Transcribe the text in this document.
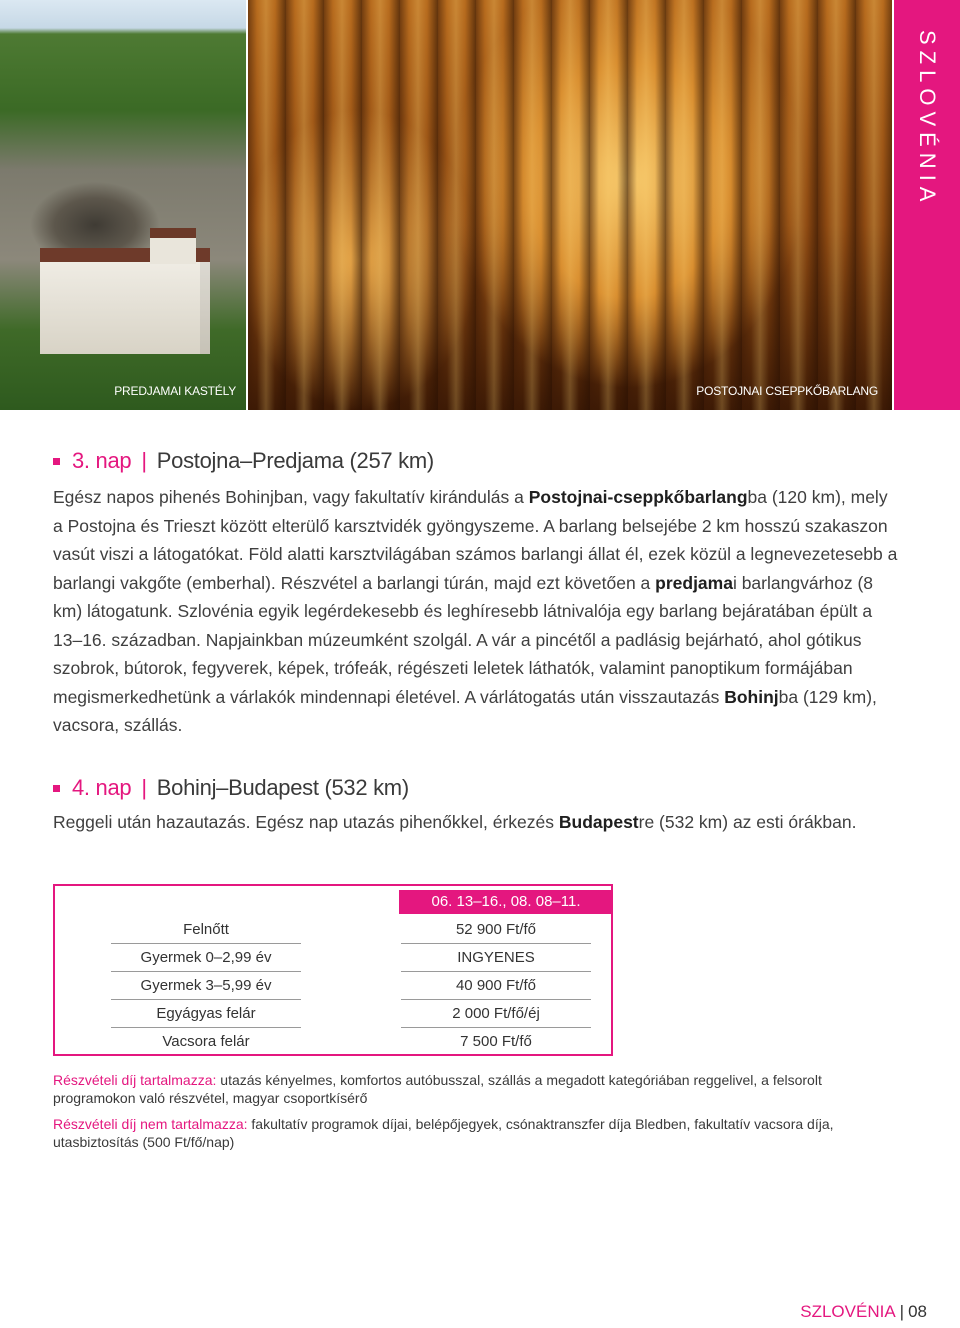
PREDJAMAI KASTÉLY	POSTOJNAI CSEPPKŐBARLANG
SZLOVÉNIA
3. nap | Postojna–Predjama (257 km)

Egész napos pihenés Bohinjban, vagy fakultatív kirándulás a Postojnai-cseppkőbarlangba (120 km), mely a Postojna és Trieszt között elterülő karsztvidék gyöngyszeme. A barlang belsejébe 2 km hosszú szakaszon vasút viszi a látogatókat. Föld alatti karsztvilágában számos barlangi állat él, ezek közül a legnevezetesebb a barlangi vakgőte (emberhal). Részvétel a barlangi túrán, majd ezt követően a predjamai barlangvárhoz (8 km) látogatunk. Szlovénia egyik legérdekesebb és leghíresebb látnivalója egy barlang bejáratában épült a 13–16. században. Napjainkban múzeumként szolgál. A vár a pincétől a padlásig bejárható, ahol gótikus szobrok, bútorok, fegyverek, képek, trófeák, régészeti leletek láthatók, valamint panoptikum formájában megismerkedhetünk a várlakók mindennapi életével. A várlátogatás után visszautazás Bohinjba (129 km), vacsora, szállás.

4. nap | Bohinj–Budapest (532 km)

Reggeli után hazautazás. Egész nap utazás pihenőkkel, érkezés Budapestre (532 km) az esti órákban.

06. 13–16., 08. 08–11.
Felnőtt	52 900 Ft/fő
Gyermek 0–2,99 év	INGYENES
Gyermek 3–5,99 év	40 900 Ft/fő
Egyágyas felár	2 000 Ft/fő/éj
Vacsora felár	7 500 Ft/fő
Részvételi díj tartalmazza: utazás kényelmes, komfortos autóbusszal, szállás a megadott kategóriában reggelivel, a felsorolt programokon való részvétel, magyar csoportkísérő
Részvételi díj nem tartalmazza: fakultatív programok díjai, belépőjegyek, csónaktranszfer díja Bledben, fakultatív vacsora díja, utasbiztosítás (500 Ft/fő/nap)
SZLOVÉNIA | 08
